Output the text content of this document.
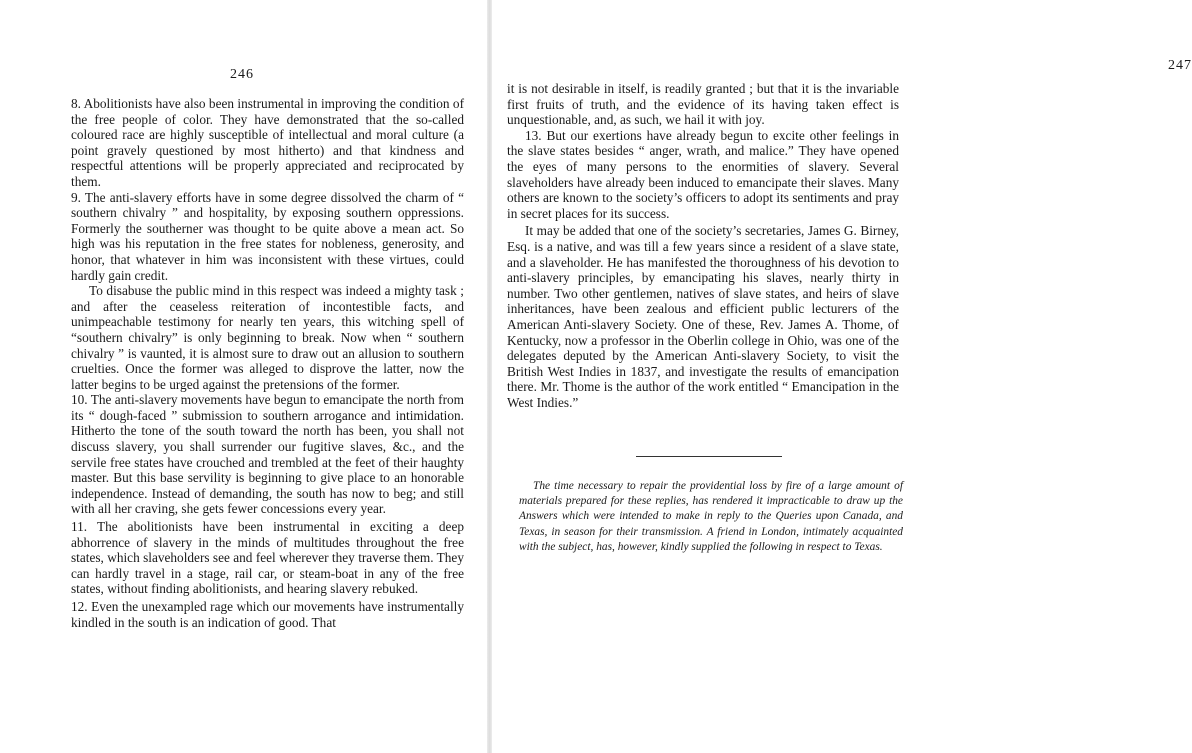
246

8. Abolitionists have also been instrumental in improving the condition of the free people of color. They have demonstrated that the so-called coloured race are highly susceptible of intellectual and moral culture (a point gravely questioned by most hitherto) and that kindness and respectful attentions will be properly appreciated and reciprocated by them.

9. The anti-slavery efforts have in some degree dissolved the charm of “ southern chivalry ” and hospitality, by exposing southern oppressions. Formerly the southerner was thought to be quite above a mean act. So high was his reputation in the free states for nobleness, generosity, and honor, that whatever in him was inconsistent with these virtues, could hardly gain credit.

To disabuse the public mind in this respect was indeed a mighty task ; and after the ceaseless reiteration of incontestible facts, and unimpeachable testimony for nearly ten years, this witching spell of “southern chivalry” is only beginning to break. Now when “ southern chivalry ” is vaunted, it is almost sure to draw out an allusion to southern cruelties. Once the former was alleged to disprove the latter, now the latter begins to be urged against the pretensions of the former.

10. The anti-slavery movements have begun to emancipate the north from its “ dough-faced ” submission to southern arrogance and intimidation. Hitherto the tone of the south toward the north has been, you shall not discuss slavery, you shall surrender our fugitive slaves, &c., and the servile free states have crouched and trembled at the feet of their haughty master. But this base servility is beginning to give place to an honorable independence. Instead of demanding, the south has now to beg; and still with all her craving, she gets fewer concessions every year.

11. The abolitionists have been instrumental in exciting a deep abhorrence of slavery in the minds of multitudes throughout the free states, which slaveholders see and feel wherever they traverse them. They can hardly travel in a stage, rail car, or steam-boat in any of the free states, without finding abolitionists, and hearing slavery rebuked.

12. Even the unexampled rage which our movements have instrumentally kindled in the south is an indication of good. That

247

it is not desirable in itself, is readily granted ; but that it is the invariable first fruits of truth, and the evidence of its having taken effect is unquestionable, and, as such, we hail it with joy.

13. But our exertions have already begun to excite other feelings in the slave states besides “ anger, wrath, and malice.” They have opened the eyes of many persons to the enormities of slavery. Several slaveholders have already been induced to emancipate their slaves. Many others are known to the society’s officers to adopt its sentiments and pray in secret places for its success.

It may be added that one of the society’s secretaries, James G. Birney, Esq. is a native, and was till a few years since a resident of a slave state, and a slaveholder. He has manifested the thoroughness of his devotion to anti-slavery principles, by emancipating his slaves, nearly thirty in number. Two other gentlemen, natives of slave states, and heirs of slave inheritances, have been zealous and efficient public lecturers of the American Anti-slavery Society. One of these, Rev. James A. Thome, of Kentucky, now a professor in the Oberlin college in Ohio, was one of the delegates deputed by the American Anti-slavery Society, to visit the British West Indies in 1837, and investigate the results of emancipation there. Mr. Thome is the author of the work entitled “ Emancipation in the West Indies.”

The time necessary to repair the providential loss by fire of a large amount of materials prepared for these replies, has rendered it impracticable to draw up the Answers which were intended to make in reply to the Queries upon Canada, and Texas, in season for their transmission. A friend in London, intimately acquainted with the subject, has, however, kindly supplied the following in respect to Texas.
